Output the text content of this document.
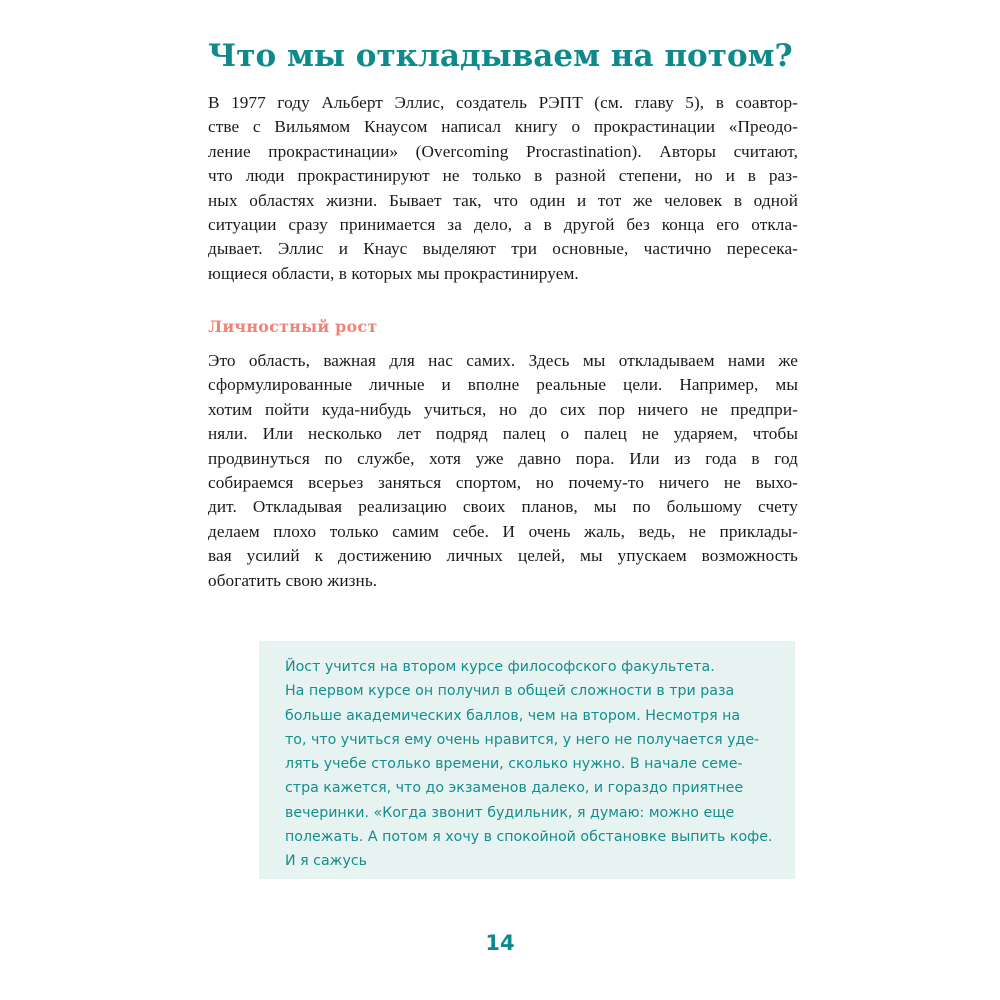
Что мы откладываем на потом?
В 1977 году Альберт Эллис, создатель РЭПТ (см. главу 5), в соавтор-
стве с Вильямом Кнаусом написал книгу о прокрастинации «Преодо-
ление прокрастинации» (Overcoming Procrastination). Авторы считают,
что люди прокрастинируют не только в разной степени, но и в раз-
ных областях жизни. Бывает так, что один и тот же человек в одной
ситуации сразу принимается за дело, а в другой без конца его откла-
дывает. Эллис и Кнаус выделяют три основные, частично пересека-
ющиеся области, в которых мы прокрастинируем.
Личностный рост
Это область, важная для нас самих. Здесь мы откладываем нами же
сформулированные личные и вполне реальные цели. Например, мы
хотим пойти куда-нибудь учиться, но до сих пор ничего не предпри-
няли. Или несколько лет подряд палец о палец не ударяем, чтобы
продвинуться по службе, хотя уже давно пора. Или из года в год
собираемся всерьез заняться спортом, но почему-то ничего не выхо-
дит. Откладывая реализацию своих планов, мы по большому счету
делаем плохо только самим себе. И очень жаль, ведь, не приклады-
вая усилий к достижению личных целей, мы упускаем возможность
обогатить свою жизнь.
Йост учится на втором курсе философского факультета.
На первом курсе он получил в общей сложности в три раза
больше академических баллов, чем на втором. Несмотря на
то, что учиться ему очень нравится, у него не получается уде-
лять учебе столько времени, сколько нужно. В начале семе-
стра кажется, что до экзаменов далеко, и гораздо приятнее
вечеринки. «Когда звонит будильник, я думаю: можно еще
полежать. А потом я хочу в спокойной обстановке выпить кофе.
И я сажусь
14
